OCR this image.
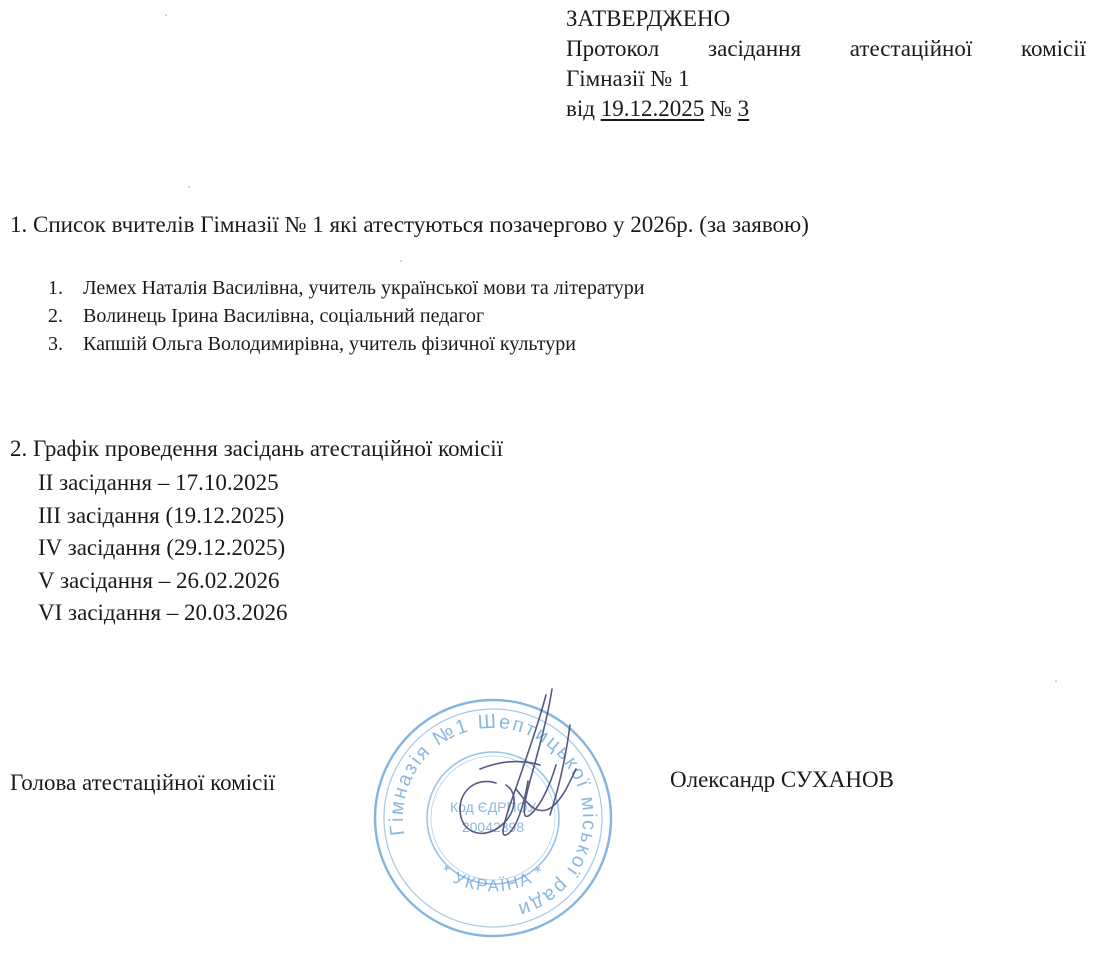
ЗАТВЕРДЖЕНО
Протокол засідання атестаційної комісії
Гімназії № 1
від 19.12.2025 № 3
1. Список вчителів Гімназії № 1 які атестуються позачергово у 2026р. (за заявою)
1. Лемех Наталія Василівна, учитель української мови та літератури
2. Волинець Ірина Василівна, соціальний педагог
3. Капшій Ольга Володимирівна, учитель фізичної культури
2. Графік проведення засідань атестаційної комісії
ІІ засідання – 17.10.2025
ІІІ засідання (19.12.2025)
ІV засідання (29.12.2025)
V засідання – 26.02.2026
VІ засідання – 20.03.2026
Голова атестаційної комісії	Олександр СУХАНОВ
Гімназія №1 Шептицької міської ради
* УКРАЇНА *
Код ЄДРПОУ
20042398
